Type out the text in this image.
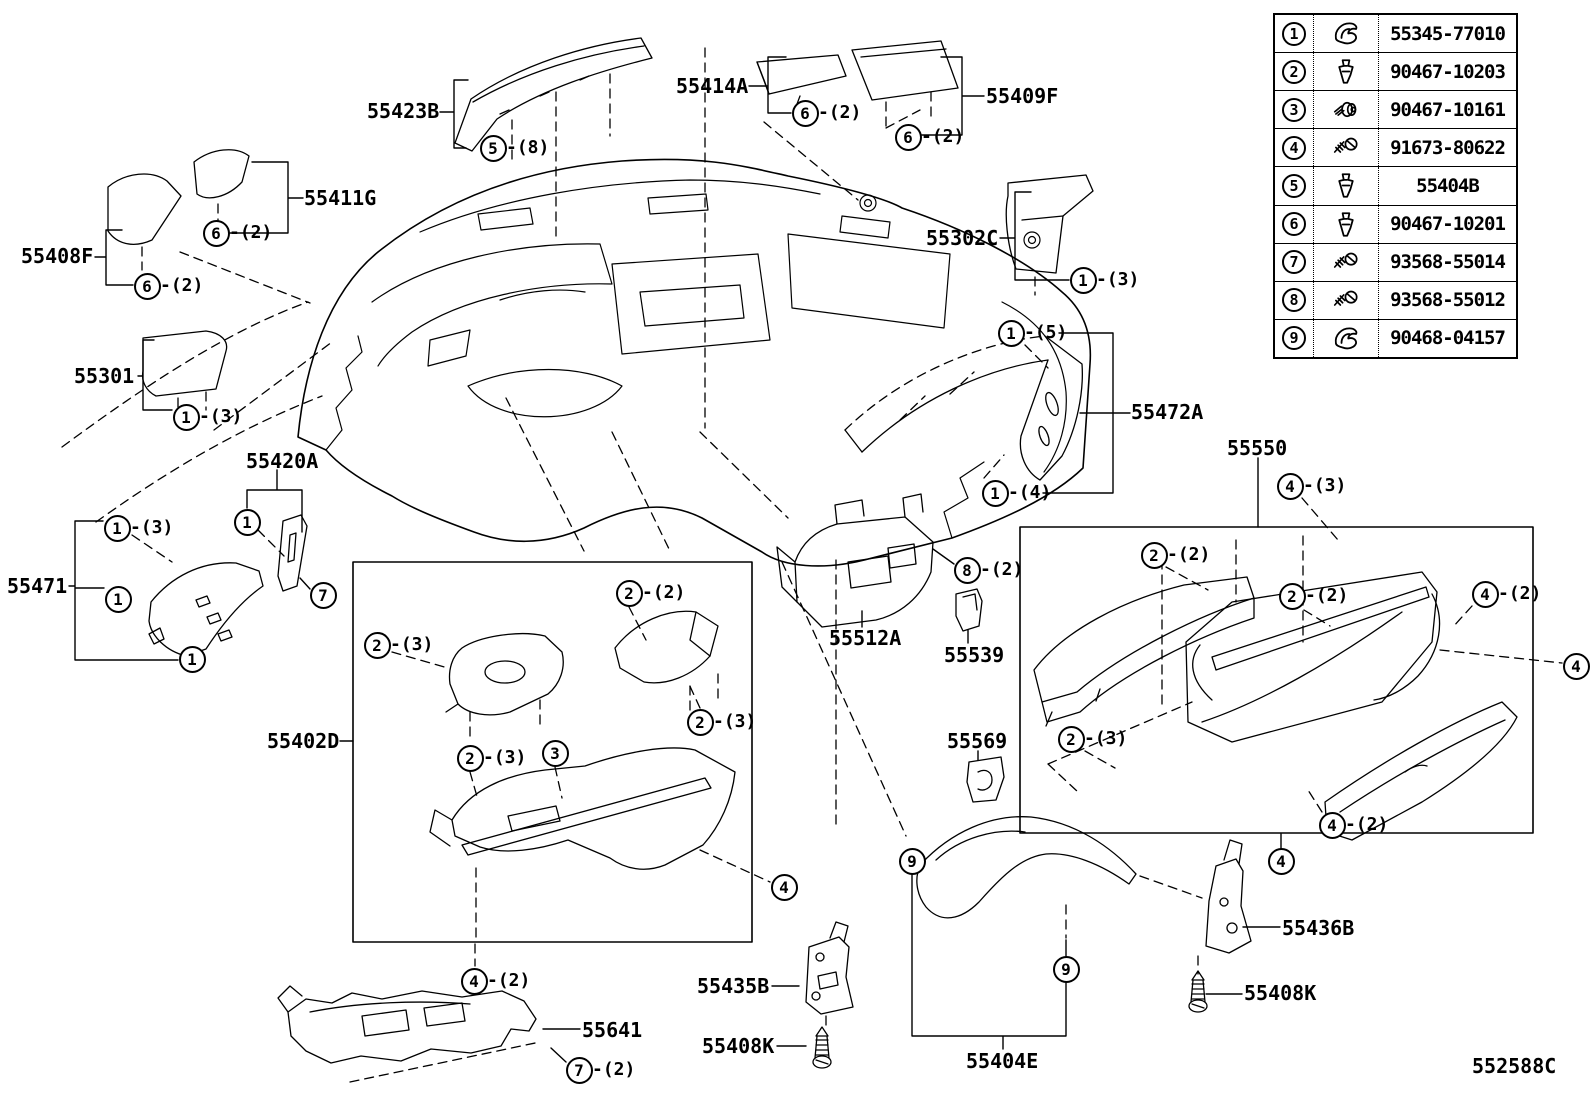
1	55345-77010
2	90467-10203
3	90467-10161
4	91673-80622
5	55404B
6	90467-10201
7	93568-55014
8	93568-55012
9	90468-04157
55423B
55414A	55409F
55411G
55408F
55301
55420A
55471
55402D
55302C
55472A
55550
55512A
55539
55569
55404E
55436B
55408K
55435B
55408K
55641
5 -(8)
6 -(2)
6 -(2)
6 -(2)
6 -(2)
1 -(3)
1 -(3)
1
1
1
7
1 -(3)
1 -(5)
1 -(4)
8 -(2)
2 -(3)
2 -(2)
2 -(3)
2 -(3)	3
4
4 -(2)
4 -(3)
2 -(2)
2 -(2)	4 -(2)
2 -(3)
4 -(2)
4
4
9
9
7 -(2)	552588C
